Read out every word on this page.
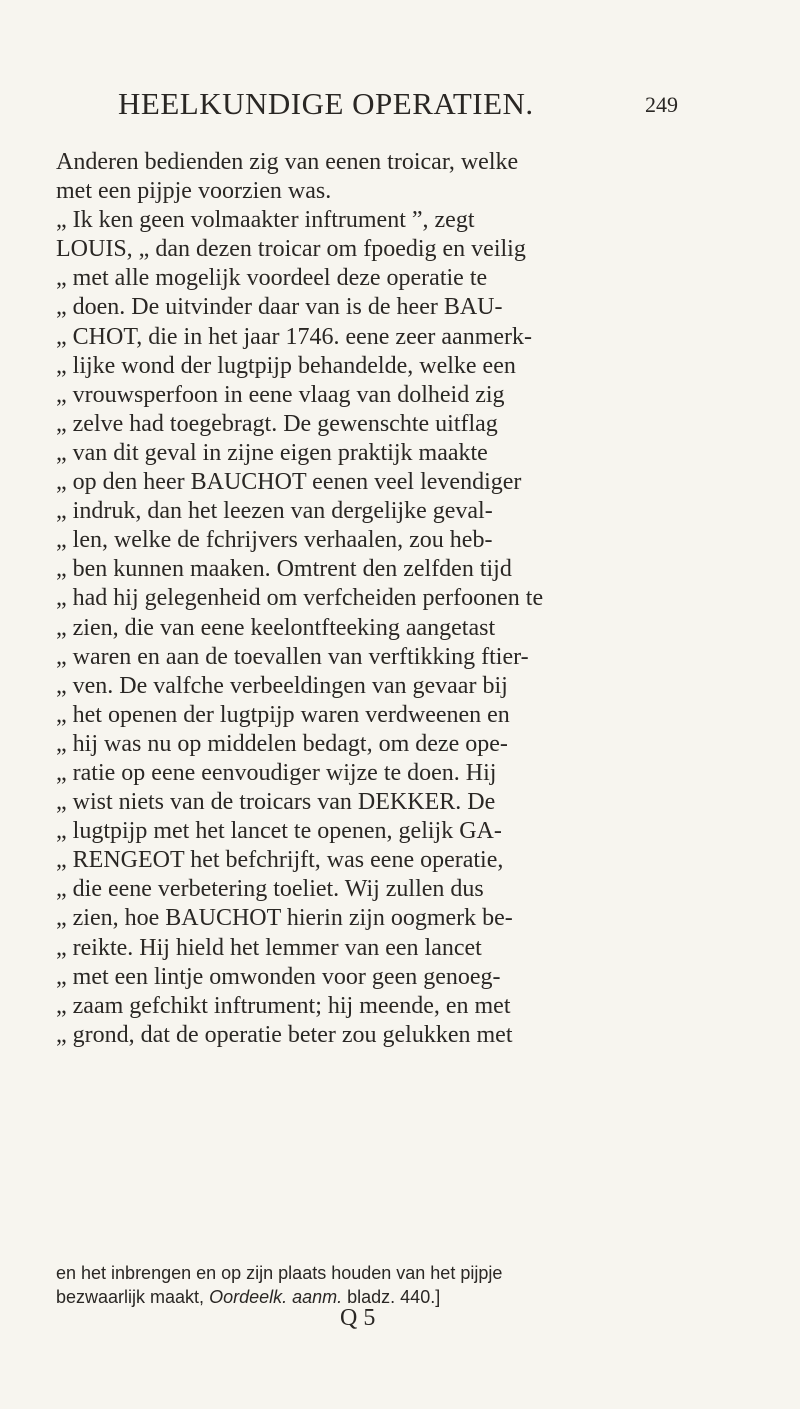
HEELKUNDIGE OPERATIEN.	249
Anderen bedienden zig van eenen troicar, welke
met een pijpje voorzien was.
„ Ik ken geen volmaakter inftrument ”, zegt
LOUIS, „ dan dezen troicar om fpoedig en veilig
„ met alle mogelijk voordeel deze operatie te
„ doen. De uitvinder daar van is de heer BAU-
„ CHOT, die in het jaar 1746. eene zeer aanmerk-
„ lijke wond der lugtpijp behandelde, welke een
„ vrouwsperfoon in eene vlaag van dolheid zig
„ zelve had toegebragt. De gewenschte uitflag
„ van dit geval in zijne eigen praktijk maakte
„ op den heer BAUCHOT eenen veel levendiger
„ indruk, dan het leezen van dergelijke geval-
„ len, welke de fchrijvers verhaalen, zou heb-
„ ben kunnen maaken. Omtrent den zelfden tijd
„ had hij gelegenheid om verfcheiden perfoonen te
„ zien, die van eene keelontfteeking aangetast
„ waren en aan de toevallen van verftikking ftier-
„ ven. De valfche verbeeldingen van gevaar bij
„ het openen der lugtpijp waren verdweenen en
„ hij was nu op middelen bedagt, om deze ope-
„ ratie op eene eenvoudiger wijze te doen. Hij
„ wist niets van de troicars van DEKKER. De
„ lugtpijp met het lancet te openen, gelijk GA-
„ RENGEOT het befchrijft, was eene operatie,
„ die eene verbetering toeliet. Wij zullen dus
„ zien, hoe BAUCHOT hierin zijn oogmerk be-
„ reikte. Hij hield het lemmer van een lancet
„ met een lintje omwonden voor geen genoeg-
„ zaam gefchikt inftrument; hij meende, en met
„ grond, dat de operatie beter zou gelukken met
en het inbrengen en op zijn plaats houden van het pijpje
bezwaarlijk maakt, Oordeelk. aanm. bladz. 440.]
Q 5
